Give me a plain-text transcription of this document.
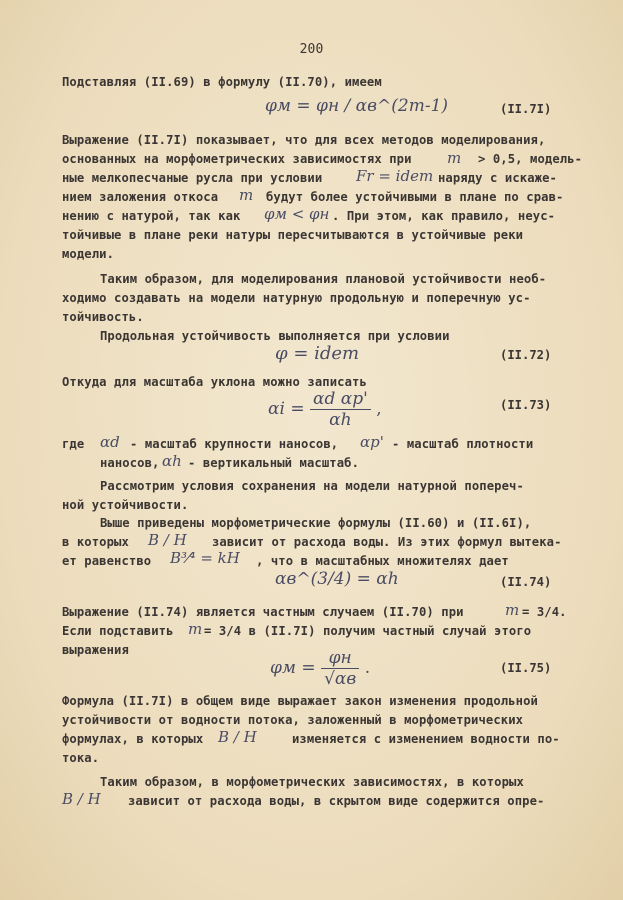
200
Подставляя (II.69) в формулу (II.70), имеем
φм = φн / αв^(2m-1)	(II.7I)
Выражение (II.7I) показывает, что для всех методов моделирования,
основанных на морфометрических зависимостях при m > 0,5, модель-
ные мелкопесчаные русла при условии Fr = idem наряду с искаже-
нием заложения откоса m будут более устойчивыми в плане по срав-
нению с натурой, так как φм < φн . При этом, как правило, неус-
тойчивые в плане реки натуры пересчитываются в устойчивые реки
модели.
Таким образом, для моделирования плановой устойчивости необ-
ходимо создавать на модели натурную продольную и поперечную ус-
тойчивость.
Продольная устойчивость выполняется при условии
φ = idem	(II.72)
Откуда для масштаба уклона можно записать
$\alpha i = \frac{\text{αd αp'}}{\alpha h}$ ,	(II.73)
где αd - масштаб крупности наносов, αp' - масштаб плотности
наносов, αh - вертикальный масштаб.
Рассмотрим условия сохранения на модели натурной попереч-
ной устойчивости.
Выше приведены морфометрические формулы (II.60) и (II.6I),
в которых B / H зависит от расхода воды. Из этих формул вытека-
ет равенство B³⁄⁴ = kH , что в масштабных множителях дает
αв^(3/4) = αh	(II.74)
Выражение (II.74) является частным случаем (II.70) при	m = 3/4.
Если подставить m = 3/4 в (II.7I) получим частный случай этого
выражения
$\varphi м = \frac{\varphi н}{√\alpha в}$ .	(II.75)
Формула (II.7I) в общем виде выражает закон изменения продольной
устойчивости от водности потока, заложенный в морфометрических
формулах, в которых B / H	изменяется с изменением водности по-
тока.
Таким образом, в морфометрических зависимостях, в которых
B / H зависит от расхода воды, в скрытом виде содержится опре-
